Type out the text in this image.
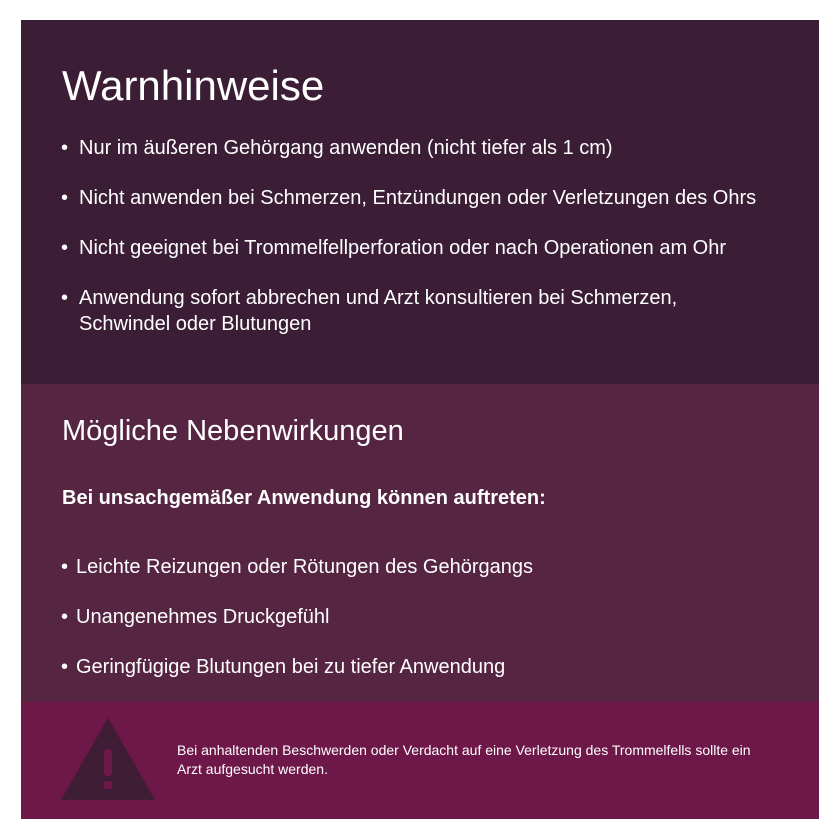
Warnhinweise
• Nur im äußeren Gehörgang anwenden (nicht tiefer als 1 cm)
• Nicht anwenden bei Schmerzen, Entzündungen oder Verletzungen des Ohrs
• Nicht geeignet bei Trommelfellperforation oder nach Operationen am Ohr
• Anwendung sofort abbrechen und Arzt konsultieren bei Schmerzen, Schwindel oder Blutungen
Mögliche Nebenwirkungen

Bei unsachgemäßer Anwendung können auftreten:

• Leichte Reizungen oder Rötungen des Gehörgangs
• Unangenehmes Druckgefühl
• Geringfügige Blutungen bei zu tiefer Anwendung

Bei anhaltenden Beschwerden oder Verdacht auf eine Verletzung des Trommelfells sollte ein Arzt aufgesucht werden.
